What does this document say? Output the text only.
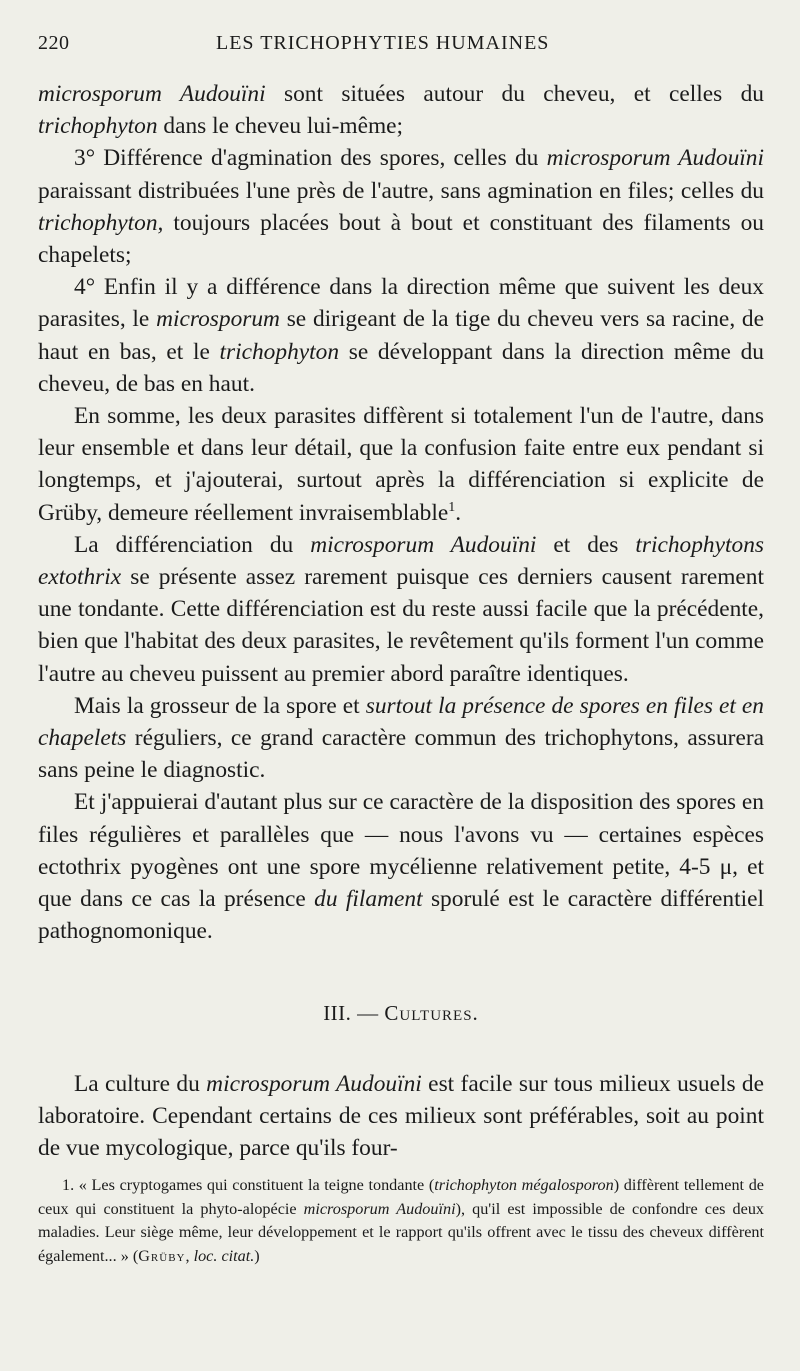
220	LES TRICHOPHYTIES HUMAINES

microsporum Audouïni sont situées autour du cheveu, et celles du trichophyton dans le cheveu lui-même;

3° Différence d'agmination des spores, celles du microsporum Audouïni paraissant distribuées l'une près de l'autre, sans agmination en files; celles du trichophyton, toujours placées bout à bout et constituant des filaments ou chapelets;

4° Enfin il y a différence dans la direction même que suivent les deux parasites, le microsporum se dirigeant de la tige du cheveu vers sa racine, de haut en bas, et le trichophyton se développant dans la direction même du cheveu, de bas en haut.

En somme, les deux parasites diffèrent si totalement l'un de l'autre, dans leur ensemble et dans leur détail, que la confusion faite entre eux pendant si longtemps, et j'ajouterai, surtout après la différenciation si explicite de Grüby, demeure réellement invraisemblable$^1$.

La différenciation du microsporum Audouïni et des trichophytons extothrix se présente assez rarement puisque ces derniers causent rarement une tondante. Cette différenciation est du reste aussi facile que la précédente, bien que l'habitat des deux parasites, le revêtement qu'ils forment l'un comme l'autre au cheveu puissent au premier abord paraître identiques.

Mais la grosseur de la spore et surtout la présence de spores en files et en chapelets réguliers, ce grand caractère commun des trichophytons, assurera sans peine le diagnostic.

Et j'appuierai d'autant plus sur ce caractère de la disposition des spores en files régulières et parallèles que — nous l'avons vu — certaines espèces ectothrix pyogènes ont une spore mycélienne relativement petite, 4-5 μ, et que dans ce cas la présence du filament sporulé est le caractère différentiel pathognomonique.

III. — Cultures.

La culture du microsporum Audouïni est facile sur tous milieux usuels de laboratoire. Cependant certains de ces milieux sont préférables, soit au point de vue mycologique, parce qu'ils four-

1. « Les cryptogames qui constituent la teigne tondante (trichophyton mégalosporon) diffèrent tellement de ceux qui constituent la phyto-alopécie microsporum Audouïni), qu'il est impossible de confondre ces deux maladies. Leur siège même, leur développement et le rapport qu'ils offrent avec le tissu des cheveux diffèrent également... » (Grüby, loc. citat.)
